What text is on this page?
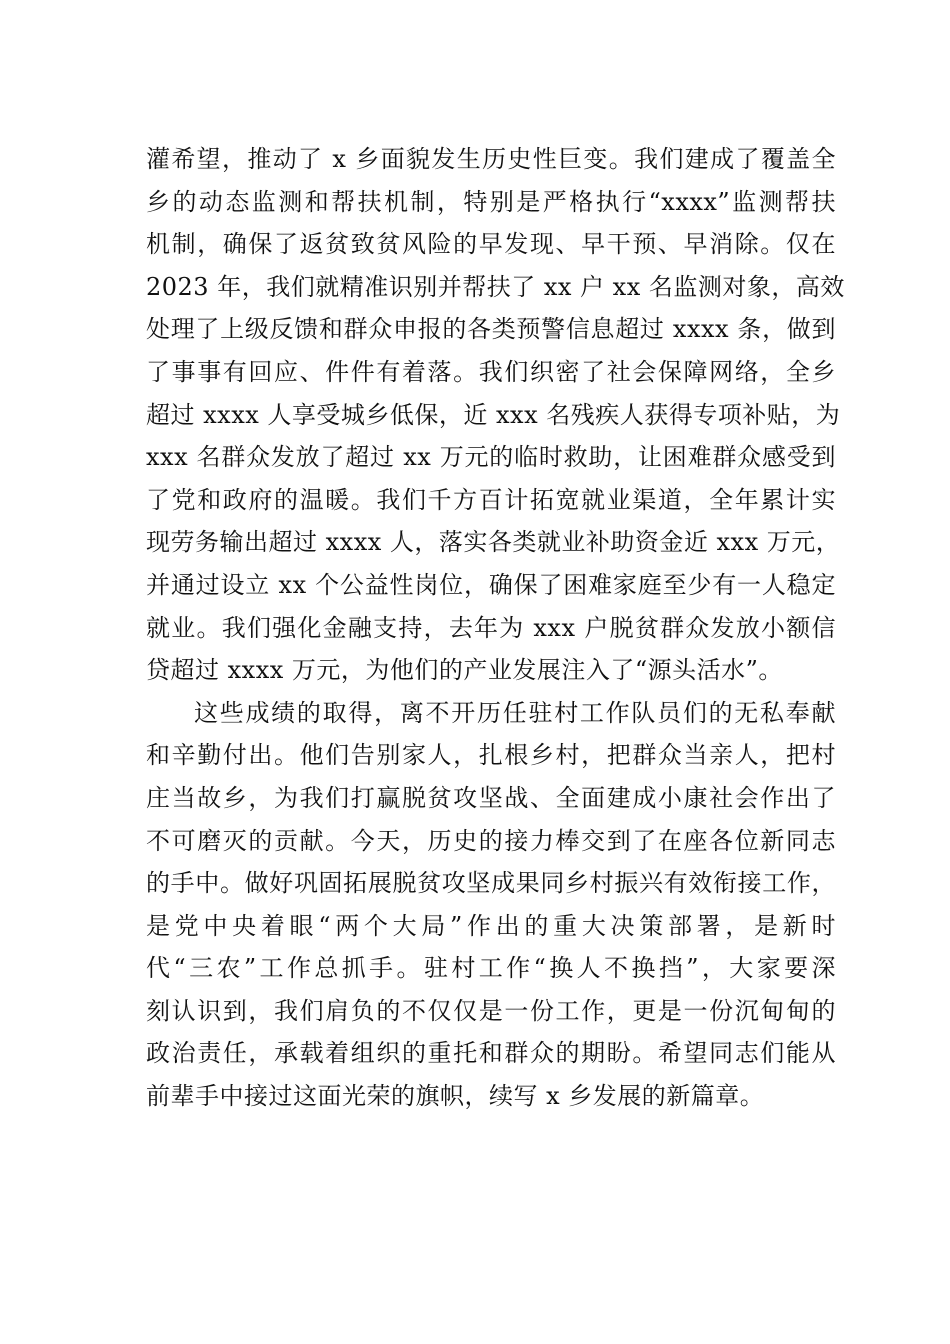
灌希望，推动了 x 乡面貌发生历史性巨变。我们建成了覆盖全
乡的动态监测和帮扶机制，特别是严格执行“xxxx”监测帮扶
机制，确保了返贫致贫风险的早发现、早干预、早消除。仅在
2023 年，我们就精准识别并帮扶了 xx 户 xx 名监测对象，高效
处理了上级反馈和群众申报的各类预警信息超过 xxxx 条，做到
了事事有回应、件件有着落。我们织密了社会保障网络，全乡
超过 xxxx 人享受城乡低保，近 xxx 名残疾人获得专项补贴，为
xxx 名群众发放了超过 xx 万元的临时救助，让困难群众感受到
了党和政府的温暖。我们千方百计拓宽就业渠道，全年累计实
现劳务输出超过 xxxx 人，落实各类就业补助资金近 xxx 万元，
并通过设立 xx 个公益性岗位，确保了困难家庭至少有一人稳定
就业。我们强化金融支持，去年为 xxx 户脱贫群众发放小额信
贷超过 xxxx 万元，为他们的产业发展注入了“源头活水”。
这些成绩的取得，离不开历任驻村工作队员们的无私奉献
和辛勤付出。他们告别家人，扎根乡村，把群众当亲人，把村
庄当故乡，为我们打赢脱贫攻坚战、全面建成小康社会作出了
不可磨灭的贡献。今天，历史的接力棒交到了在座各位新同志
的手中。做好巩固拓展脱贫攻坚成果同乡村振兴有效衔接工作，
是党中央着眼“两个大局”作出的重大决策部署，是新时
代“三农”工作总抓手。驻村工作“换人不换挡”，大家要深
刻认识到，我们肩负的不仅仅是一份工作，更是一份沉甸甸的
政治责任，承载着组织的重托和群众的期盼。希望同志们能从
前辈手中接过这面光荣的旗帜，续写 x 乡发展的新篇章。
